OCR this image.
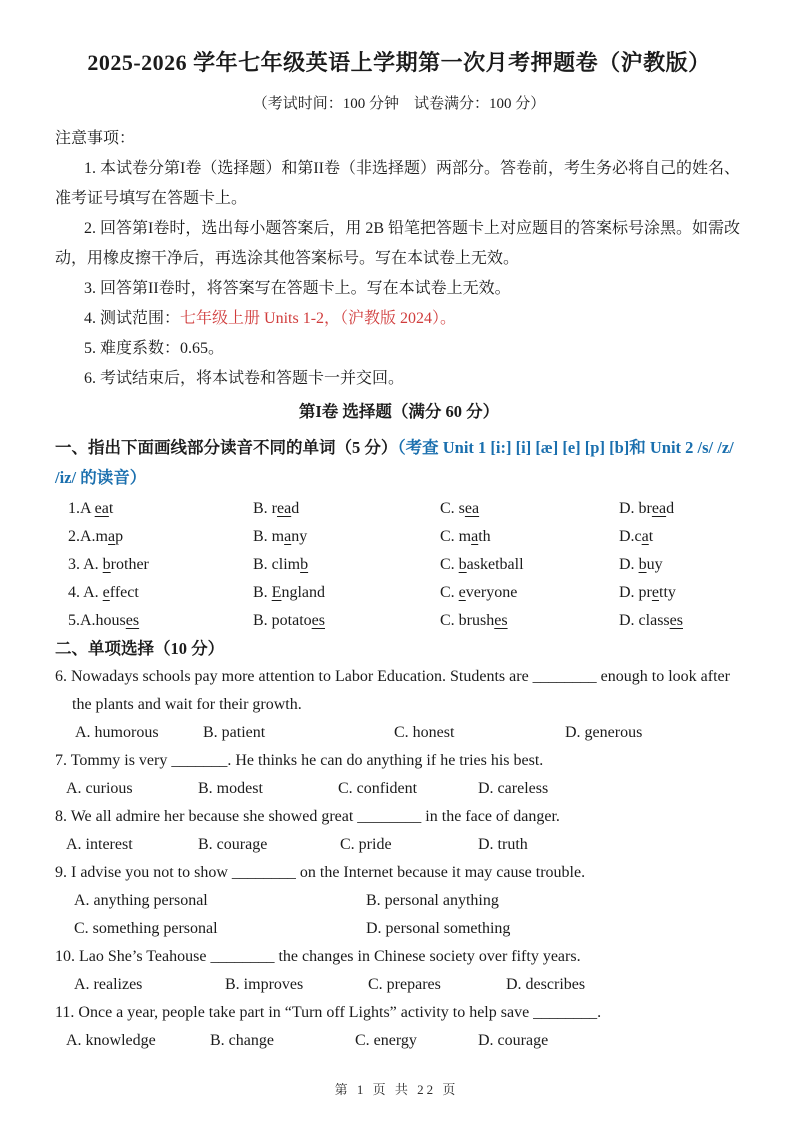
2025-2026 学年七年级英语上学期第一次月考押题卷（沪教版）
（考试时间：100 分钟　试卷满分：100 分）
注意事项：

1. 本试卷分第I卷（选择题）和第II卷（非选择题）两部分。答卷前，考生务必将自己的姓名、准考证号填写在答题卡上。

2. 回答第I卷时，选出每小题答案后，用 2B 铅笔把答题卡上对应题目的答案标号涂黑。如需改动，用橡皮擦干净后，再选涂其他答案标号。写在本试卷上无效。

3. 回答第II卷时，将答案写在答题卡上。写在本试卷上无效。

4. 测试范围：七年级上册 Units 1-2，（沪教版 2024）。

5. 难度系数：0.65。

6. 考试结束后，将本试卷和答题卡一并交回。

第I卷 选择题（满分 60 分）
一、指出下面画线部分读音不同的单词（5 分）（考查 Unit 1 [i:] [i] [æ] [e] [p] [b]和 Unit 2 /s/ /z/ /iz/ 的读音）
1.A eat	B. read	C. sea	D. bread
2.A.map	B. many	C. math	D.cat
3. A. brother	B. climb	C. basketball	D. buy
4. A. effect	B. England	C. everyone	D. pretty
5.A.houses	B. potatoes	C. brushes	D. classes
二、单项选择（10 分）

6. Nowadays schools pay more attention to Labor Education. Students are ________ enough to look after the plants and wait for their growth.

A. humorous	B. patient	C. honest	D. generous

7. Tommy is very _______. He thinks he can do anything if he tries his best.

A. curious	B. modest	C. confident	D. careless

8. We all admire her because she showed great ________ in the face of danger.

A. interest	B. courage	C. pride	D. truth

9. I advise you not to show ________ on the Internet because it may cause trouble.

A. anything personal	B. personal anything
C. something personal	D. personal something

10. Lao She’s Teahouse ________ the changes in Chinese society over fifty years.

A. realizes	B. improves	C. prepares	D. describes

11. Once a year, people take part in “Turn off Lights” activity to help save ________.

A. knowledge	B. change	C. energy	D. courage
第 1 页 共 22 页
